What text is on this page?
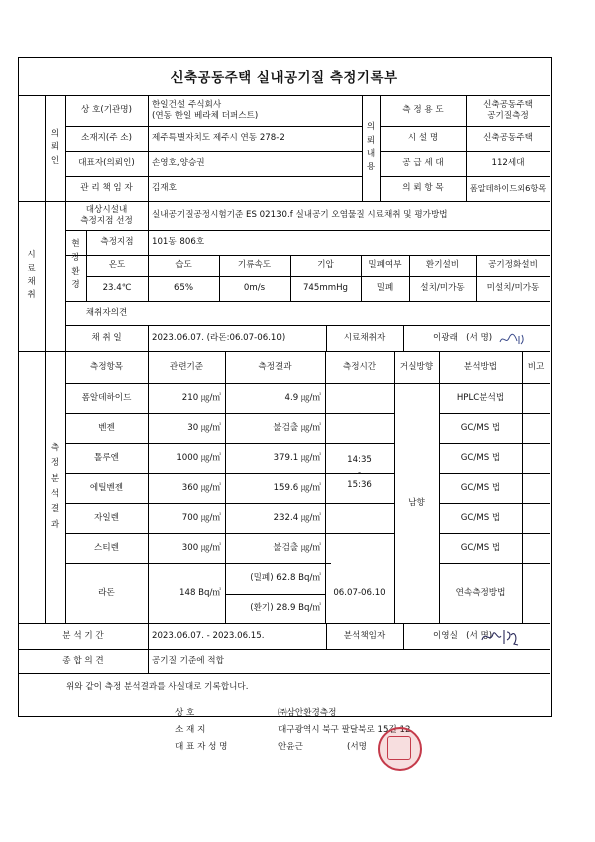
신축공동주택 실내공기질 측정기록부
의
뢰
인
상 호(기관명)
한일건설 주식회사
(연동 한일 베라체 더퍼스트)
소재지(주 소)	제주특별자치도 제주시 연동 278-2
대표자(의뢰인)	손영호,양승권
관 리 책 임 자	김재호
의
뢰
내
용
측 정 용 도
신축공동주택
공기질측정
시 설 명	신축공동주택
공 급 세 대	112세대
의 뢰 항 목	폼알데하이드외6항목
시
료
채
취
대상시설내
측정지점 선정
실내공기질공정시험기준 ES 02130.f 실내공기 오염물질 시료채취 및 평가방법
현
장
환
경
측정지점	101동 806호
온도	습도	기류속도	기압	밀폐여부	환기설비	공기정화설비
23.4℃	65%	0m/s	745mmHg	밀폐	설치/미가동	미설치/미가동
채취자의견
채 취 일	2023.06.07. (라돈:06.07-06.10)	시료채취자	이광래
(서 명)
측
정
분
석
결
과
측정항목	관련기준	측정결과	측정시간	거실방향	분석방법	비고
폼알데하이드	210 ㎍/㎥	4.9 ㎍/㎥	HPLC분석법
벤젠	30 ㎍/㎥	불검출 ㎍/㎥	GC/MS 법
톨루엔	1000 ㎍/㎥	379.1 ㎍/㎥	GC/MS 법
에틸벤젠	360 ㎍/㎥	159.6 ㎍/㎥	GC/MS 법
자일렌	700 ㎍/㎥	232.4 ㎍/㎥	GC/MS 법
스티렌	300 ㎍/㎥	불검출 ㎍/㎥	GC/MS 법
14:35
-
15:36
남향
라돈	148 Bq/㎥
(밀폐) 62.8 Bq/㎥
(환기) 28.9 Bq/㎥
06.07-06.10	연속측정방법
분 석 기 간	2023.06.07. - 2023.06.15.	분석책임자	이영실
(서 명)
종 합 의 견	공기질 기준에 적합
위와 같이 측정 분석결과를 사실대로 기록합니다.
상 호	㈜삼안환경측정
소 재 지	대구광역시 북구 팔달북로 15길 12
대 표 자 성 명	안윤근	(서명
